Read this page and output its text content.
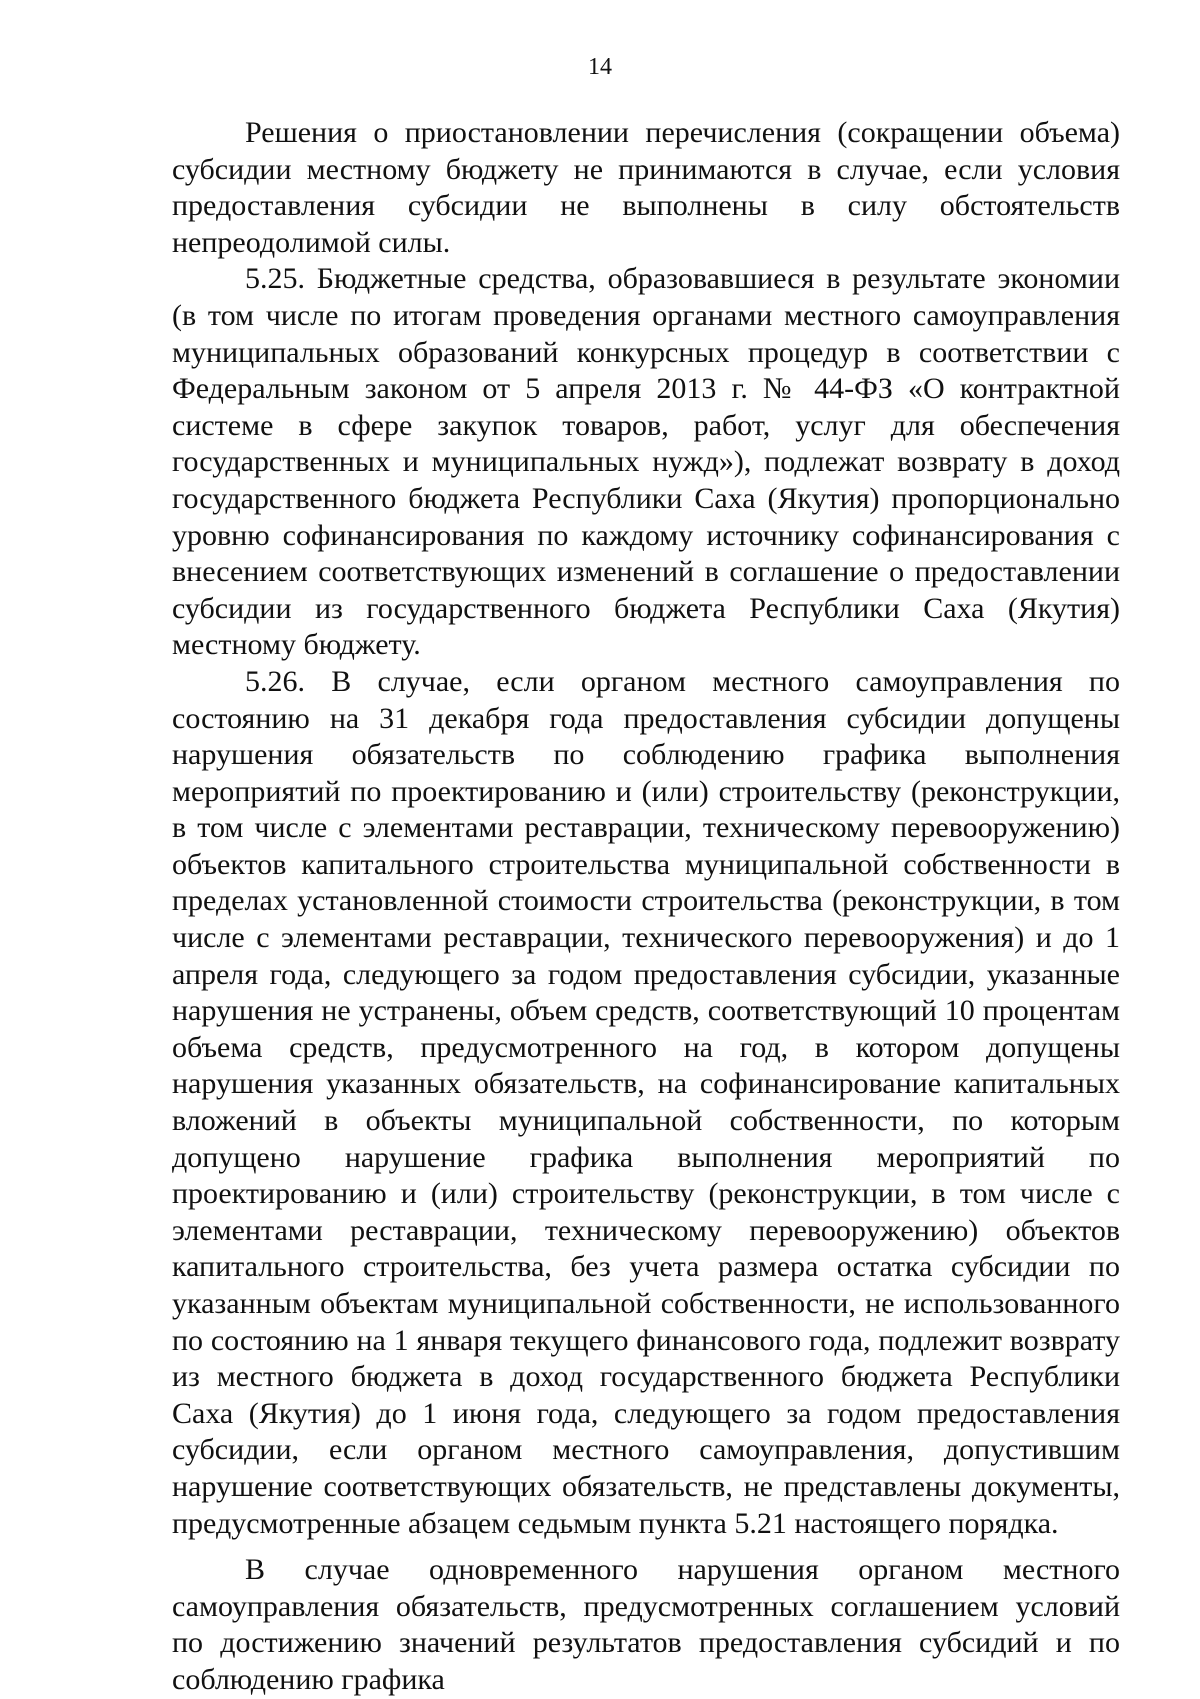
14

Решения о приостановлении перечисления (сокращении объема) субсидии местному бюджету не принимаются в случае, если условия предоставления субсидии не выполнены в силу обстоятельств непреодолимой силы.

5.25. Бюджетные средства, образовавшиеся в результате экономии (в том числе по итогам проведения органами местного самоуправления муниципальных образований конкурсных процедур в соответствии с Федеральным законом от 5 апреля 2013 г. № 44-ФЗ «О контрактной системе в сфере закупок товаров, работ, услуг для обеспечения государственных и муниципальных нужд»), подлежат возврату в доход государственного бюджета Республики Саха (Якутия) пропорционально уровню софинансирования по каждому источнику софинансирования с внесением соответствующих изменений в соглашение о предоставлении субсидии из государственного бюджета Республики Саха (Якутия) местному бюджету.

5.26. В случае, если органом местного самоуправления по состоянию на 31 декабря года предоставления субсидии допущены нарушения обязательств по соблюдению графика выполнения мероприятий по проектированию и (или) строительству (реконструкции, в том числе с элементами реставрации, техническому перевооружению) объектов капитального строительства муниципальной собственности в пределах установленной стоимости строительства (реконструкции, в том числе с элементами реставрации, технического перевооружения) и до 1 апреля года, следующего за годом предоставления субсидии, указанные нарушения не устранены, объем средств, соответствующий 10 процентам объема средств, предусмотренного на год, в котором допущены нарушения указанных обязательств, на софинансирование капитальных вложений в объекты муниципальной собственности, по которым допущено нарушение графика выполнения мероприятий по проектированию и (или) строительству (реконструкции, в том числе с элементами реставрации, техническому перевооружению) объектов капитального строительства, без учета размера остатка субсидии по указанным объектам муниципальной собственности, не использованного по состоянию на 1 января текущего финансового года, подлежит возврату из местного бюджета в доход государственного бюджета Республики Саха (Якутия) до 1 июня года, следующего за годом предоставления субсидии, если органом местного самоуправления, допустившим нарушение соответствующих обязательств, не представлены документы, предусмотренные абзацем седьмым пункта 5.21 настоящего порядка.

В случае одновременного нарушения органом местного самоуправления обязательств, предусмотренных соглашением условий по достижению значений результатов предоставления субсидий и по соблюдению графика
